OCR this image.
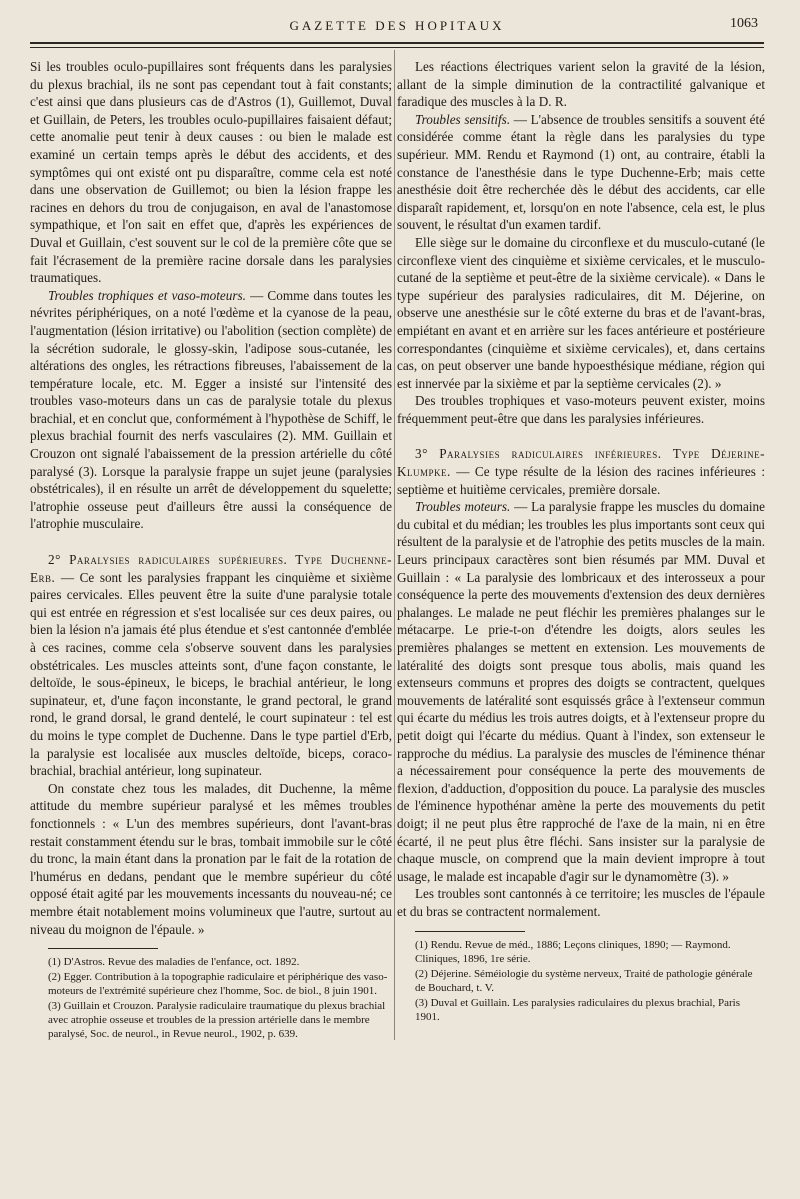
GAZETTE DES HOPITAUX	1063

Si les troubles oculo-pupillaires sont fréquents dans les paralysies du plexus brachial, ils ne sont pas cependant tout à fait constants; c'est ainsi que dans plusieurs cas de d'Astros (1), Guillemot, Duval et Guillain, de Peters, les troubles oculo-pupillaires faisaient défaut; cette anomalie peut tenir à deux causes : ou bien le malade est examiné un certain temps après le début des accidents, et des symptômes qui ont existé ont pu disparaître, comme cela est noté dans une observation de Guillemot; ou bien la lésion frappe les racines en dehors du trou de conjugaison, en aval de l'anastomose sympathique, et l'on sait en effet que, d'après les expériences de Duval et Guillain, c'est souvent sur le col de la première côte que se fait l'écrasement de la première racine dorsale dans les paralysies traumatiques.

Troubles trophiques et vaso-moteurs. — Comme dans toutes les névrites périphériques, on a noté l'œdème et la cyanose de la peau, l'augmentation (lésion irritative) ou l'abolition (section complète) de la sécrétion sudorale, le glossy-skin, l'adipose sous-cutanée, les altérations des ongles, les rétractions fibreuses, l'abaissement de la température locale, etc. M. Egger a insisté sur l'intensité des troubles vaso-moteurs dans un cas de paralysie totale du plexus brachial, et en conclut que, conformément à l'hypothèse de Schiff, le plexus brachial fournit des nerfs vasculaires (2). MM. Guillain et Crouzon ont signalé l'abaissement de la pression artérielle du côté paralysé (3). Lorsque la paralysie frappe un sujet jeune (paralysies obstétricales), il en résulte un arrêt de développement du squelette; l'atrophie osseuse peut d'ailleurs être aussi la conséquence de l'atrophie musculaire.

2° Paralysies radiculaires supérieures. Type Duchenne-Erb. — Ce sont les paralysies frappant les cinquième et sixième paires cervicales. Elles peuvent être la suite d'une paralysie totale qui est entrée en régression et s'est localisée sur ces deux paires, ou bien la lésion n'a jamais été plus étendue et s'est cantonnée d'emblée à ces racines, comme cela s'observe souvent dans les paralysies obstétricales. Les muscles atteints sont, d'une façon constante, le deltoïde, le sous-épineux, le biceps, le brachial antérieur, le long supinateur, et, d'une façon inconstante, le grand pectoral, le grand rond, le grand dorsal, le grand dentelé, le court supinateur : tel est du moins le type complet de Duchenne. Dans le type partiel d'Erb, la paralysie est localisée aux muscles deltoïde, biceps, coraco-brachial, brachial antérieur, long supinateur.

On constate chez tous les malades, dit Duchenne, la même attitude du membre supérieur paralysé et les mêmes troubles fonctionnels : « L'un des membres supérieurs, dont l'avant-bras restait constamment étendu sur le bras, tombait immobile sur le côté du tronc, la main étant dans la pronation par le fait de la rotation de l'humérus en dedans, pendant que le membre supérieur du côté opposé était agité par les mouvements incessants du nouveau-né; ce membre était notablement moins volumineux que l'autre, surtout au niveau du moignon de l'épaule. »

(1) D'Astros. Revue des maladies de l'enfance, oct. 1892.
(2) Egger. Contribution à la topographie radiculaire et périphérique des vaso-moteurs de l'extrémité supérieure chez l'homme, Soc. de biol., 8 juin 1901.
(3) Guillain et Crouzon. Paralysie radiculaire traumatique du plexus brachial avec atrophie osseuse et troubles de la pression artérielle dans le membre paralysé, Soc. de neurol., in Revue neurol., 1902, p. 639.

Les réactions électriques varient selon la gravité de la lésion, allant de la simple diminution de la contractilité galvanique et faradique des muscles à la D. R.

Troubles sensitifs. — L'absence de troubles sensitifs a souvent été considérée comme étant la règle dans les paralysies du type supérieur. MM. Rendu et Raymond (1) ont, au contraire, établi la constance de l'anesthésie dans le type Duchenne-Erb; mais cette anesthésie doit être recherchée dès le début des accidents, car elle disparaît rapidement, et, lorsqu'on en note l'absence, cela est, le plus souvent, le résultat d'un examen tardif.

Elle siège sur le domaine du circonflexe et du musculo-cutané (le circonflexe vient des cinquième et sixième cervicales, et le musculo-cutané de la septième et peut-être de la sixième cervicale). « Dans le type supérieur des paralysies radiculaires, dit M. Déjerine, on observe une anesthésie sur le côté externe du bras et de l'avant-bras, empiétant en avant et en arrière sur les faces antérieure et postérieure correspondantes (cinquième et sixième cervicales), et, dans certains cas, on peut observer une bande hypoesthésique médiane, région qui est innervée par la sixième et par la septième cervicales (2). »

Des troubles trophiques et vaso-moteurs peuvent exister, moins fréquemment peut-être que dans les paralysies inférieures.

3° Paralysies radiculaires inférieures. Type Déjerine-Klumpke. — Ce type résulte de la lésion des racines inférieures : septième et huitième cervicales, première dorsale.

Troubles moteurs. — La paralysie frappe les muscles du domaine du cubital et du médian; les troubles les plus importants sont ceux qui résultent de la paralysie et de l'atrophie des petits muscles de la main. Leurs principaux caractères sont bien résumés par MM. Duval et Guillain : « La paralysie des lombricaux et des interosseux a pour conséquence la perte des mouvements d'extension des deux dernières phalanges. Le malade ne peut fléchir les premières phalanges sur le métacarpe. Le prie-t-on d'étendre les doigts, alors seules les premières phalanges se mettent en extension. Les mouvements de latéralité des doigts sont presque tous abolis, mais quand les extenseurs communs et propres des doigts se contractent, quelques mouvements de latéralité sont esquissés grâce à l'extenseur commun qui écarte du médius les trois autres doigts, et à l'extenseur propre du petit doigt qui l'écarte du médius. Quant à l'index, son extenseur le rapproche du médius. La paralysie des muscles de l'éminence thénar a nécessairement pour conséquence la perte des mouvements de flexion, d'adduction, d'opposition du pouce. La paralysie des muscles de l'éminence hypothénar amène la perte des mouvements du petit doigt; il ne peut plus être rapproché de l'axe de la main, ni en être écarté, il ne peut plus être fléchi. Sans insister sur la paralysie de chaque muscle, on comprend que la main devient impropre à tout usage, le malade est incapable d'agir sur le dynamomètre (3). »

Les troubles sont cantonnés à ce territoire; les muscles de l'épaule et du bras se contractent normalement.

(1) Rendu. Revue de méd., 1886; Leçons cliniques, 1890; — Raymond. Cliniques, 1896, 1re série.
(2) Déjerine. Séméiologie du système nerveux, Traité de pathologie générale de Bouchard, t. V.
(3) Duval et Guillain. Les paralysies radiculaires du plexus brachial, Paris 1901.
